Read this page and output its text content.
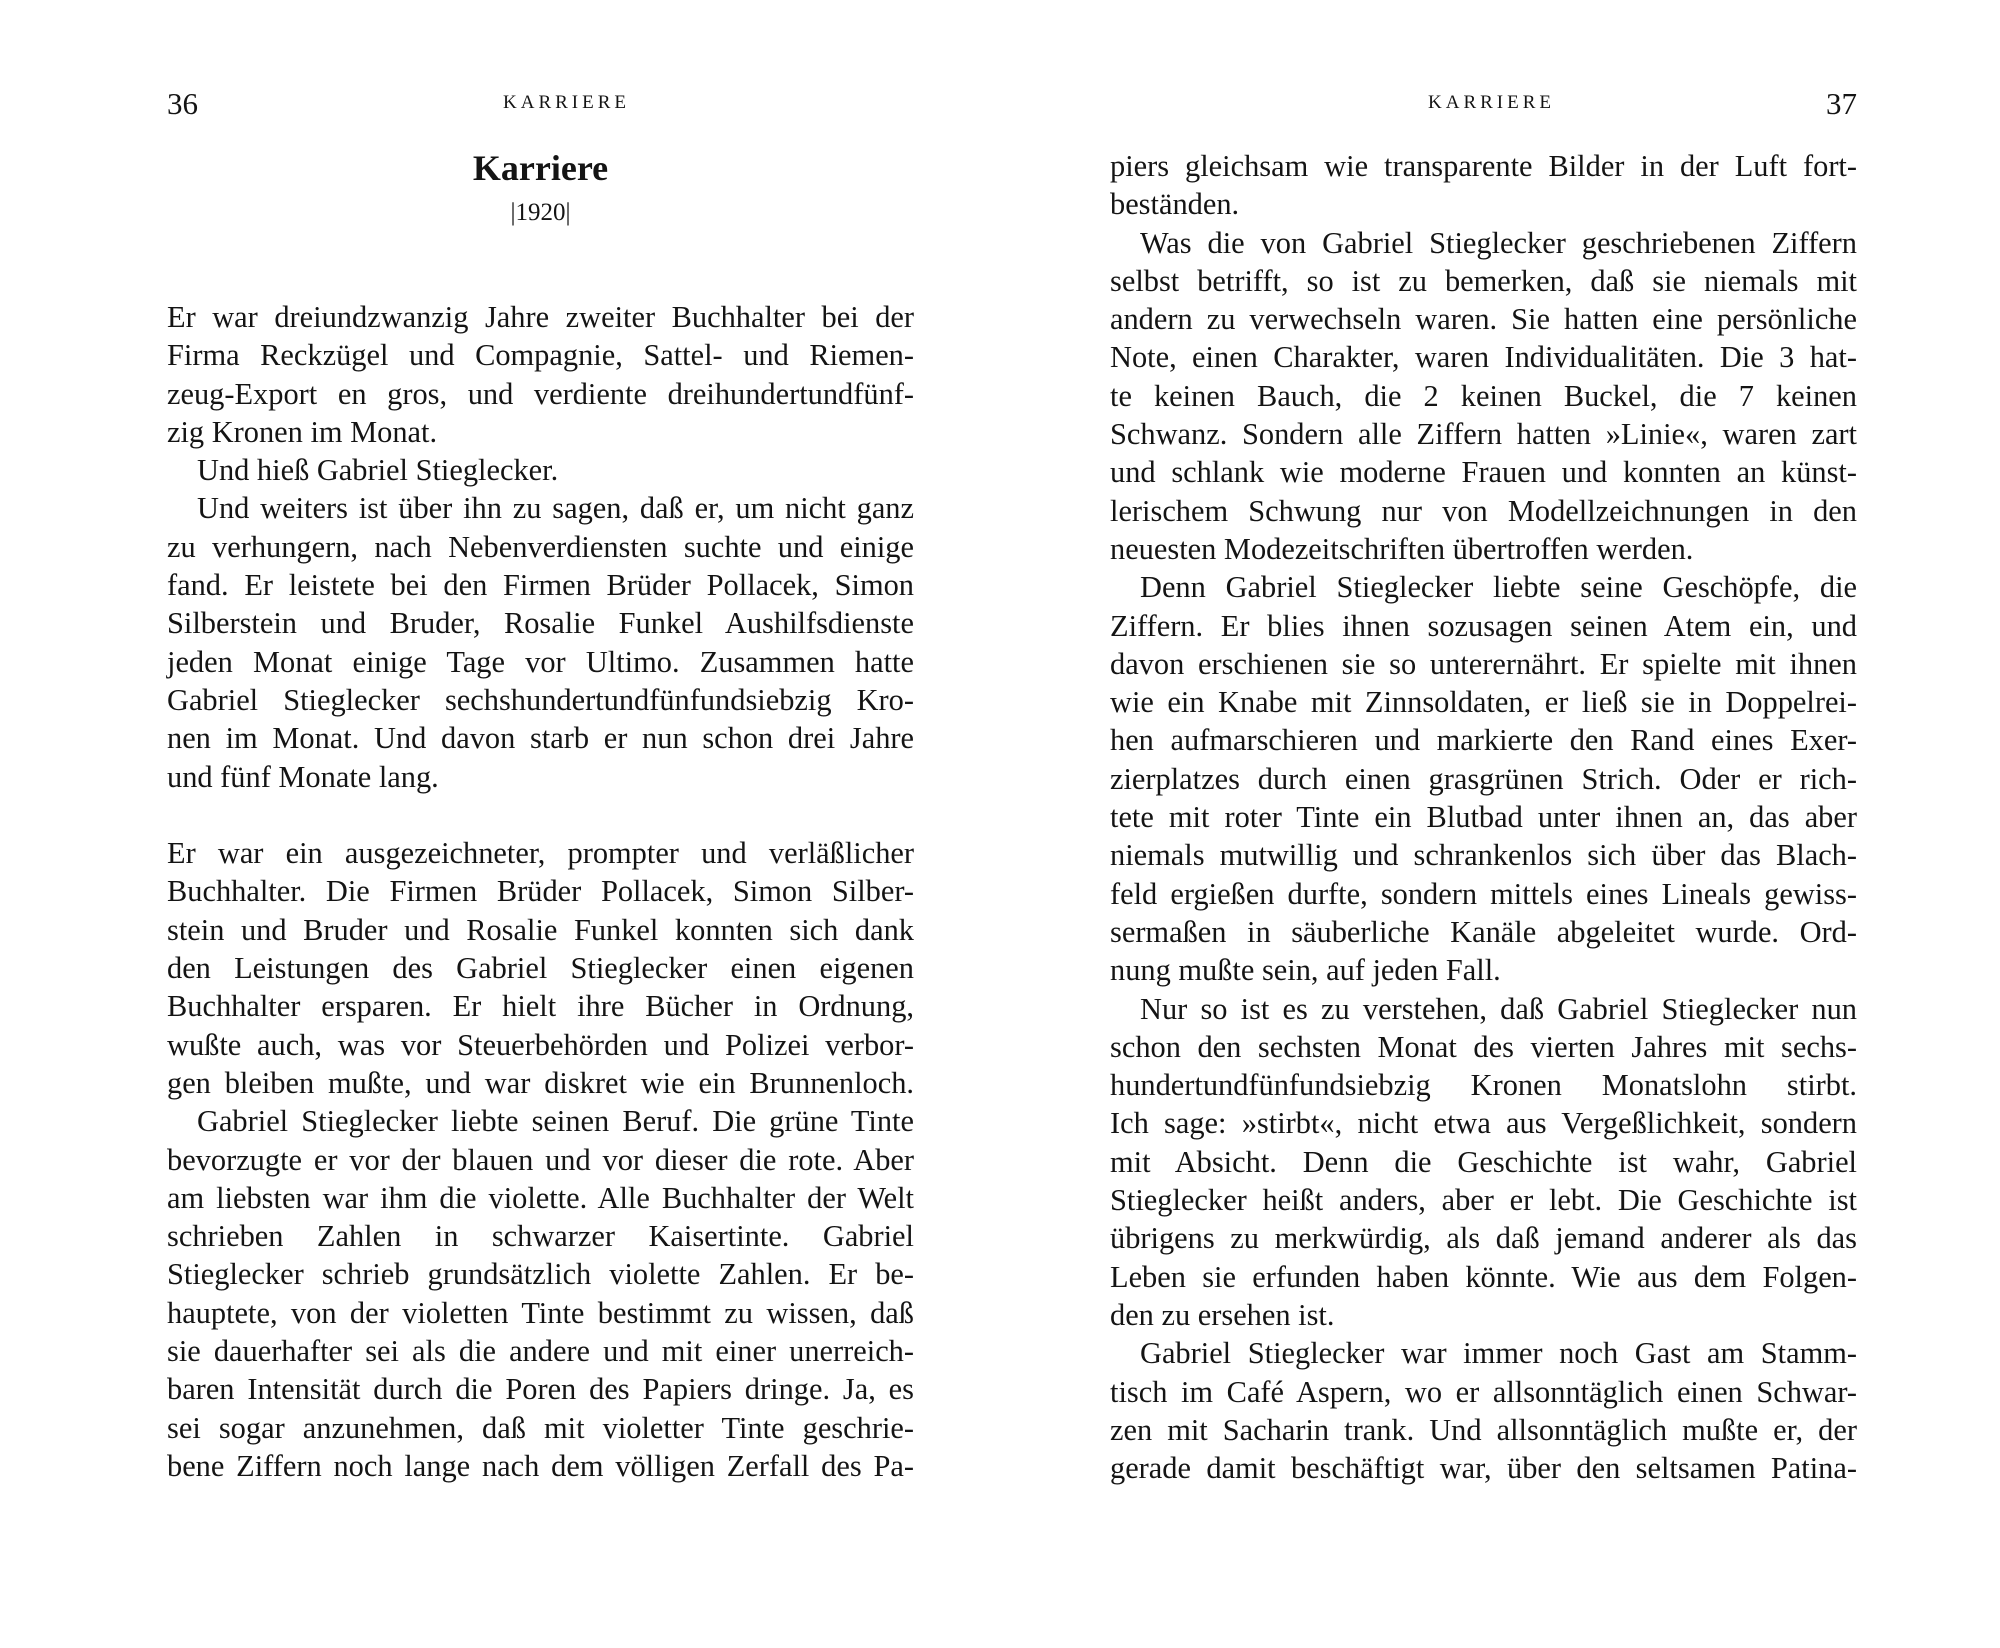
36	KARRIERE
Karriere
|1920|
Er war dreiundzwanzig Jahre zweiter Buchhalter bei der
Firma Reckzügel und Compagnie, Sattel- und Riemen-
zeug-Export en gros, und verdiente dreihundertundfünf-
zig Kronen im Monat.
Und hieß Gabriel Stieglecker.
Und weiters ist über ihn zu sagen, daß er, um nicht ganz
zu verhungern, nach Nebenverdiensten suchte und einige
fand. Er leistete bei den Firmen Brüder Pollacek, Simon
Silberstein und Bruder, Rosalie Funkel Aushilfsdienste
jeden Monat einige Tage vor Ultimo. Zusammen hatte
Gabriel Stieglecker sechshundertundfünfundsiebzig Kro-
nen im Monat. Und davon starb er nun schon drei Jahre
und fünf Monate lang.
Er war ein ausgezeichneter, prompter und verläßlicher
Buchhalter. Die Firmen Brüder Pollacek, Simon Silber-
stein und Bruder und Rosalie Funkel konnten sich dank
den Leistungen des Gabriel Stieglecker einen eigenen
Buchhalter ersparen. Er hielt ihre Bücher in Ordnung,
wußte auch, was vor Steuerbehörden und Polizei verbor-
gen bleiben mußte, und war diskret wie ein Brunnenloch.
Gabriel Stieglecker liebte seinen Beruf. Die grüne Tinte
bevorzugte er vor der blauen und vor dieser die rote. Aber
am liebsten war ihm die violette. Alle Buchhalter der Welt
schrieben Zahlen in schwarzer Kaisertinte. Gabriel
Stieglecker schrieb grundsätzlich violette Zahlen. Er be-
hauptete, von der violetten Tinte bestimmt zu wissen, daß
sie dauerhafter sei als die andere und mit einer unerreich-
baren Intensität durch die Poren des Papiers dringe. Ja, es
sei sogar anzunehmen, daß mit violetter Tinte geschrie-
bene Ziffern noch lange nach dem völligen Zerfall des Pa-
37
KARRIERE
piers gleichsam wie transparente Bilder in der Luft fort-
beständen.
Was die von Gabriel Stieglecker geschriebenen Ziffern
selbst betrifft, so ist zu bemerken, daß sie niemals mit
andern zu verwechseln waren. Sie hatten eine persönliche
Note, einen Charakter, waren Individualitäten. Die 3 hat-
te keinen Bauch, die 2 keinen Buckel, die 7 keinen
Schwanz. Sondern alle Ziffern hatten »Linie«, waren zart
und schlank wie moderne Frauen und konnten an künst-
lerischem Schwung nur von Modellzeichnungen in den
neuesten Modezeitschriften übertroffen werden.
Denn Gabriel Stieglecker liebte seine Geschöpfe, die
Ziffern. Er blies ihnen sozusagen seinen Atem ein, und
davon erschienen sie so unterernährt. Er spielte mit ihnen
wie ein Knabe mit Zinnsoldaten, er ließ sie in Doppelrei-
hen aufmarschieren und markierte den Rand eines Exer-
zierplatzes durch einen grasgrünen Strich. Oder er rich-
tete mit roter Tinte ein Blutbad unter ihnen an, das aber
niemals mutwillig und schrankenlos sich über das Blach-
feld ergießen durfte, sondern mittels eines Lineals gewiss-
sermaßen in säuberliche Kanäle abgeleitet wurde. Ord-
nung mußte sein, auf jeden Fall.
Nur so ist es zu verstehen, daß Gabriel Stieglecker nun
schon den sechsten Monat des vierten Jahres mit sechs-
hundertundfünfundsiebzig Kronen Monatslohn stirbt.
Ich sage: »stirbt«, nicht etwa aus Vergeßlichkeit, sondern
mit Absicht. Denn die Geschichte ist wahr, Gabriel
Stieglecker heißt anders, aber er lebt. Die Geschichte ist
übrigens zu merkwürdig, als daß jemand anderer als das
Leben sie erfunden haben könnte. Wie aus dem Folgen-
den zu ersehen ist.
Gabriel Stieglecker war immer noch Gast am Stamm-
tisch im Café Aspern, wo er allsonntäglich einen Schwar-
zen mit Sacharin trank. Und allsonntäglich mußte er, der
gerade damit beschäftigt war, über den seltsamen Patina-
